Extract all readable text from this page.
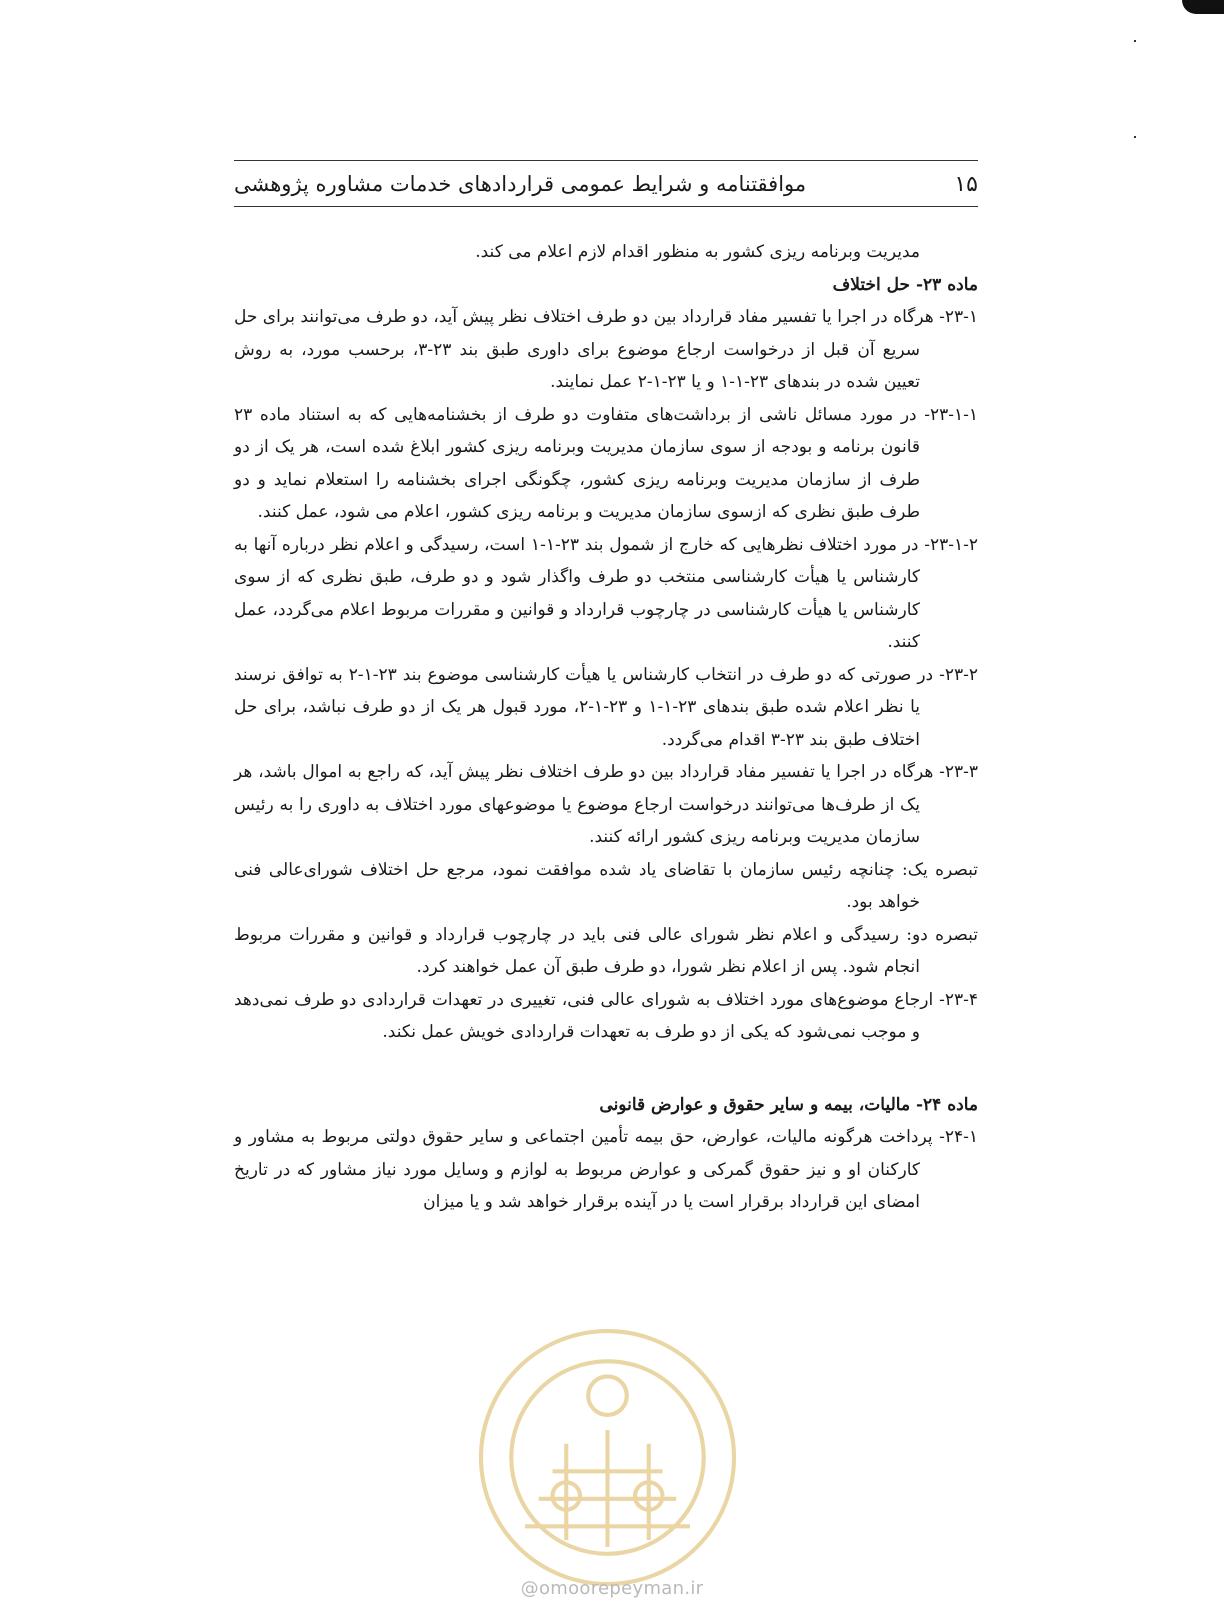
موافقتنامه و شرایط عمومی قراردادهای خدمات مشاوره پژوهشی	۱۵

مدیریت وبرنامه ریزی کشور به منظور اقدام لازم اعلام می کند.

ماده ۲۳- حل اختلاف

۲۳-۱- هرگاه در اجرا یا تفسیر مفاد قرارداد بین دو طرف اختلاف نظر پیش آید، دو طرف می‌توانند برای حل سریع آن قبل از درخواست ارجاع موضوع برای داوری طبق بند ۲۳-۳، برحسب مورد، به روش تعیین شده در بندهای ۲۳-۱-۱ و یا ۲۳-۱-۲ عمل نمایند.

۲۳-۱-۱- در مورد مسائل ناشی از برداشت‌های متفاوت دو طرف از بخشنامه‌هایی که به استناد ماده ۲۳ قانون برنامه و بودجه از سوی سازمان مدیریت وبرنامه ریزی کشور ابلاغ شده است، هر یک از دو طرف از سازمان مدیریت وبرنامه ریزی کشور، چگونگی اجرای بخشنامه را استعلام نماید و دو طرف طبق نظری که ازسوی سازمان مدیریت و برنامه ریزی کشور، اعلام می شود، عمل کنند.

۲۳-۱-۲- در مورد اختلاف نظرهایی که خارج از شمول بند ۲۳-۱-۱ است، رسیدگی و اعلام نظر درباره آنها به کارشناس یا هیأت کارشناسی منتخب دو طرف واگذار شود و دو طرف، طبق نظری که از سوی کارشناس یا هیأت کارشناسی در چارچوب قرارداد و قوانین و مقررات مربوط اعلام می‌گردد، عمل کنند.

۲۳-۲- در صورتی که دو طرف در انتخاب کارشناس یا هیأت کارشناسی موضوع بند ۲۳-۱-۲ به توافق نرسند یا نظر اعلام شده طبق بندهای ۲۳-۱-۱ و ۲۳-۱-۲، مورد قبول هر یک از دو طرف نباشد، برای حل اختلاف طبق بند ۲۳-۳ اقدام می‌گردد.

۲۳-۳- هرگاه در اجرا یا تفسیر مفاد قرارداد بین دو طرف اختلاف نظر پیش آید، که راجع به اموال باشد، هر یک از طرف‌ها می‌توانند درخواست ارجاع موضوع یا موضوعهای مورد اختلاف به داوری را به رئیس سازمان مدیریت وبرنامه ریزی کشور ارائه کنند.

تبصره یک: چنانچه رئیس سازمان با تقاضای یاد شده موافقت نمود، مرجع حل اختلاف شورای‌عالی فنی خواهد بود.

تبصره دو: رسیدگی و اعلام نظر شورای عالی فنی باید در چارچوب قرارداد و قوانین و مقررات مربوط انجام شود. پس از اعلام نظر شورا، دو طرف طبق آن عمل خواهند کرد.

۲۳-۴- ارجاع موضوع‌های مورد اختلاف به شورای عالی فنی، تغییری در تعهدات قراردادی دو طرف نمی‌دهد و موجب نمی‌شود که یکی از دو طرف به تعهدات قراردادی خویش عمل نکند.

ماده ۲۴- مالیات، بیمه و سایر حقوق و عوارض قانونی

۲۴-۱- پرداخت هرگونه مالیات، عوارض، حق بیمه تأمین اجتماعی و سایر حقوق دولتی مربوط به مشاور و کارکنان او و نیز حقوق گمرکی و عوارض مربوط به لوازم و وسایل مورد نیاز مشاور که در تاریخ امضای این قرارداد برقرار است یا در آینده برقرار خواهد شد و یا میزان

@omoorepeyman.ir
